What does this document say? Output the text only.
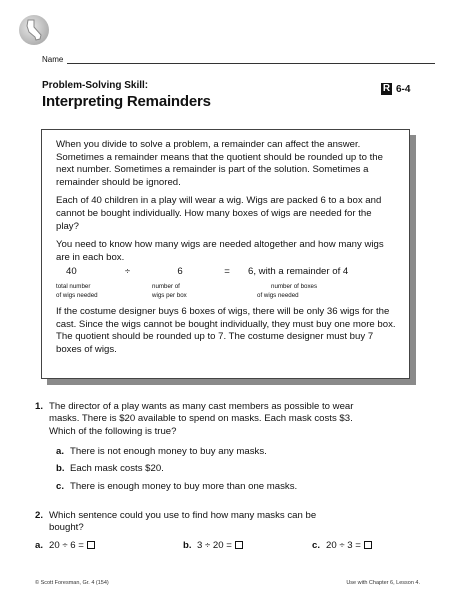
Name
Problem-Solving Skill:
Interpreting Remainders
R 6-4

When you divide to solve a problem, a remainder can affect the answer. Sometimes a remainder means that the quotient should be rounded up to the next number. Sometimes a remainder is part of the solution. Sometimes a remainder should be ignored.

Each of 40 children in a play will wear a wig. Wigs are packed 6 to a box and cannot be bought individually. How many boxes of wigs are needed for the play?

You need to know how many wigs are needed altogether and how many wigs are in each box.

40	÷	6	=	6, with a remainder of 4
total number	number of	number of boxes
of wigs needed	wigs per box	of wigs needed

If the costume designer buys 6 boxes of wigs, there will be only 36 wigs for the cast. Since the wigs cannot be bought individually, they must buy one more box. The quotient should be rounded up to 7. The costume designer must buy 7 boxes of wigs.

1. The director of a play wants as many cast members as possible to wear masks. There is $20 available to spend on masks. Each mask costs $3. Which of the following is true?
a. There is not enough money to buy any masks.
b. Each mask costs $20.
c. There is enough money to buy more than one masks.
2. Which sentence could you use to find how many masks can be bought?
a. 20 ÷ 6 =	b. 3 ÷ 20 =	c. 20 ÷ 3 =
© Scott Foresman, Gr. 4 (154)	Use with Chapter 6, Lesson 4.
